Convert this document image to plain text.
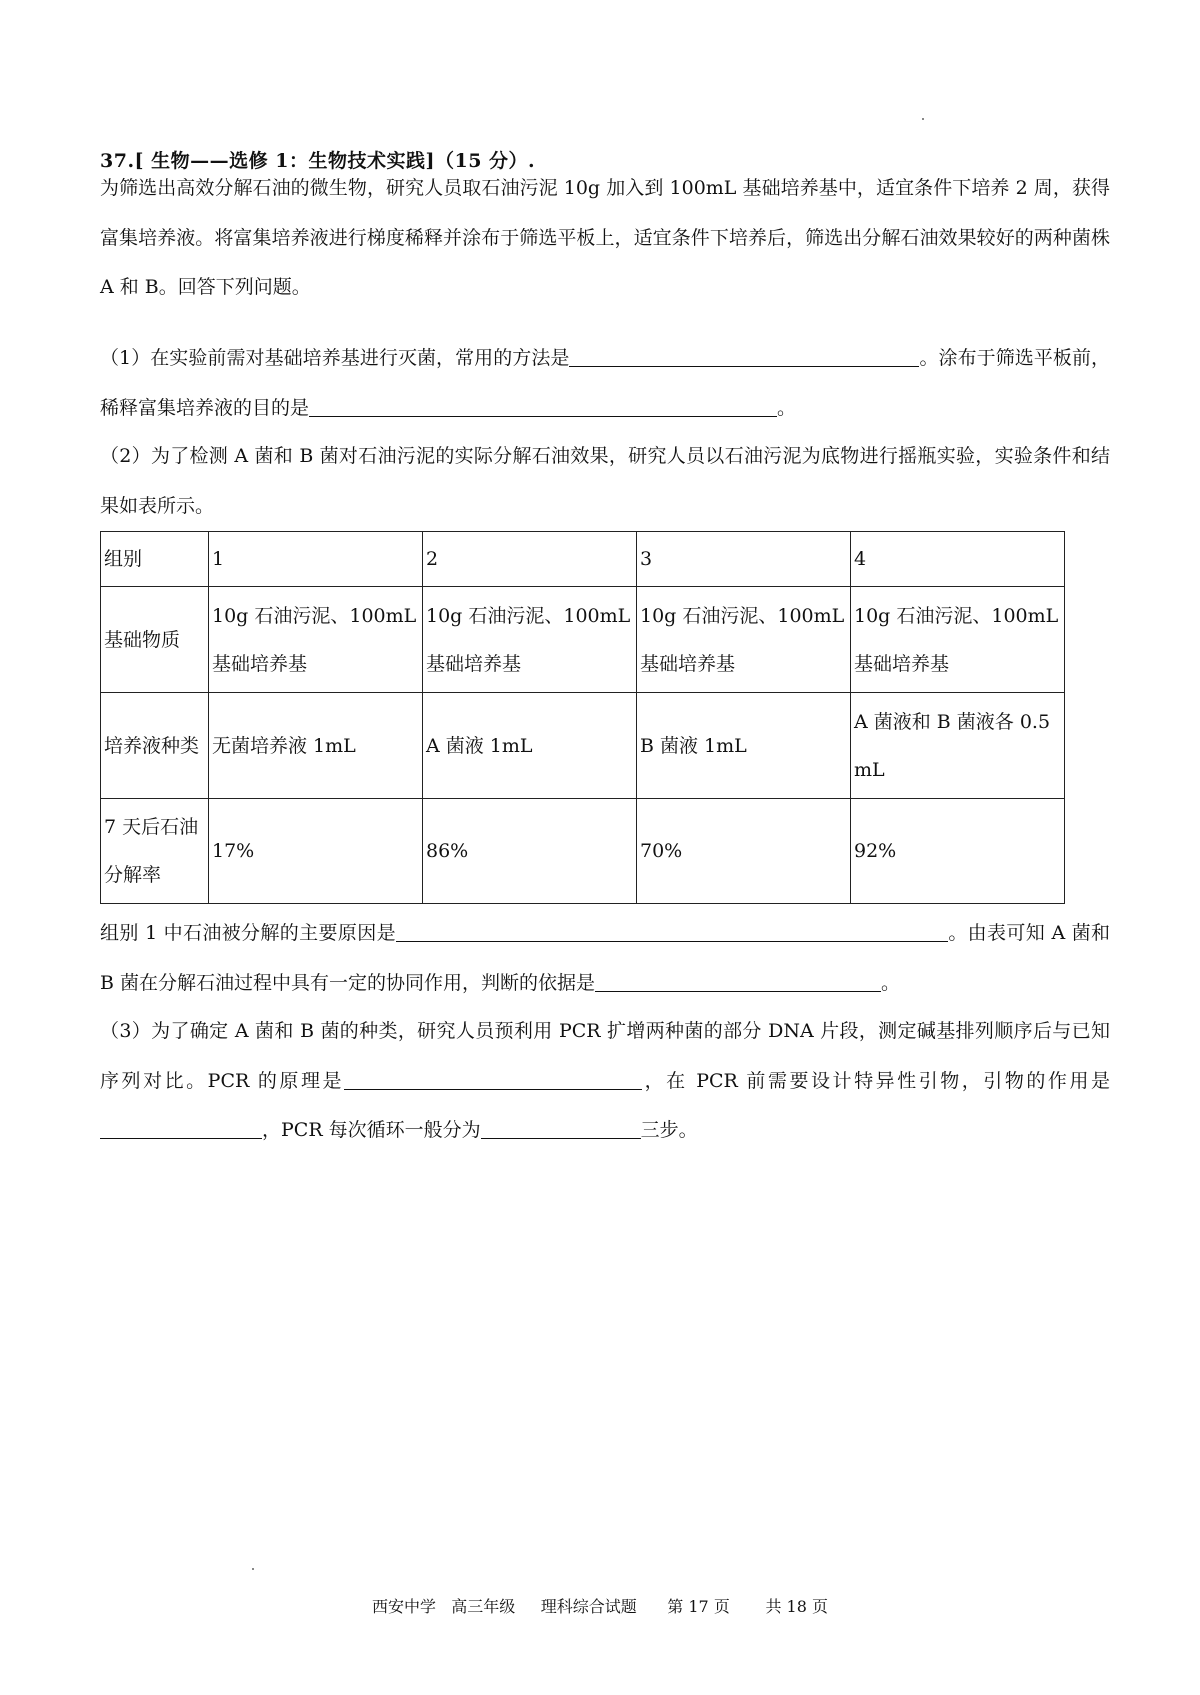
37.[ 生物——选修 1：生物技术实践]（15 分）.
为筛选出高效分解石油的微生物，研究人员取石油污泥 10g 加入到 100mL 基础培养基中，适宜条件下培养 2 周，获得富集培养液。将富集培养液进行梯度稀释并涂布于筛选平板上，适宜条件下培养后，筛选出分解石油效果较好的两种菌株 A 和 B。回答下列问题。
（1）在实验前需对基础培养基进行灭菌，常用的方法是	。涂布于筛选平板前，稀释富集培养液的目的是	。
（2）为了检测 A 菌和 B 菌对石油污泥的实际分解石油效果，研究人员以石油污泥为底物进行摇瓶实验，实验条件和结果如表所示。
组别	1	2	3	4
基础物质	10g 石油污泥、100mL 基础培养基	10g 石油污泥、100mL 基础培养基	10g 石油污泥、100mL 基础培养基	10g 石油污泥、100mL 基础培养基
培养液种类	无菌培养液 1mL	A 菌液 1mL	B 菌液 1mL	A 菌液和 B 菌液各 0.5mL
7 天后石油分解率	17%	86%	70%	92%
组别 1 中石油被分解的主要原因是	。由表可知 A 菌和 B 菌在分解石油过程中具有一定的协同作用，判断的依据是	。
（3）为了确定 A 菌和 B 菌的种类，研究人员预利用 PCR 扩增两种菌的部分 DNA 片段，测定碱基排列顺序后与已知序列对比。PCR 的原理是	，在 PCR 前需要设计特异性引物，引物的作用是，PCR 每次循环一般分为	三步。
西安中学 高三年级 理科综合试题 第 17 页 共 18 页
